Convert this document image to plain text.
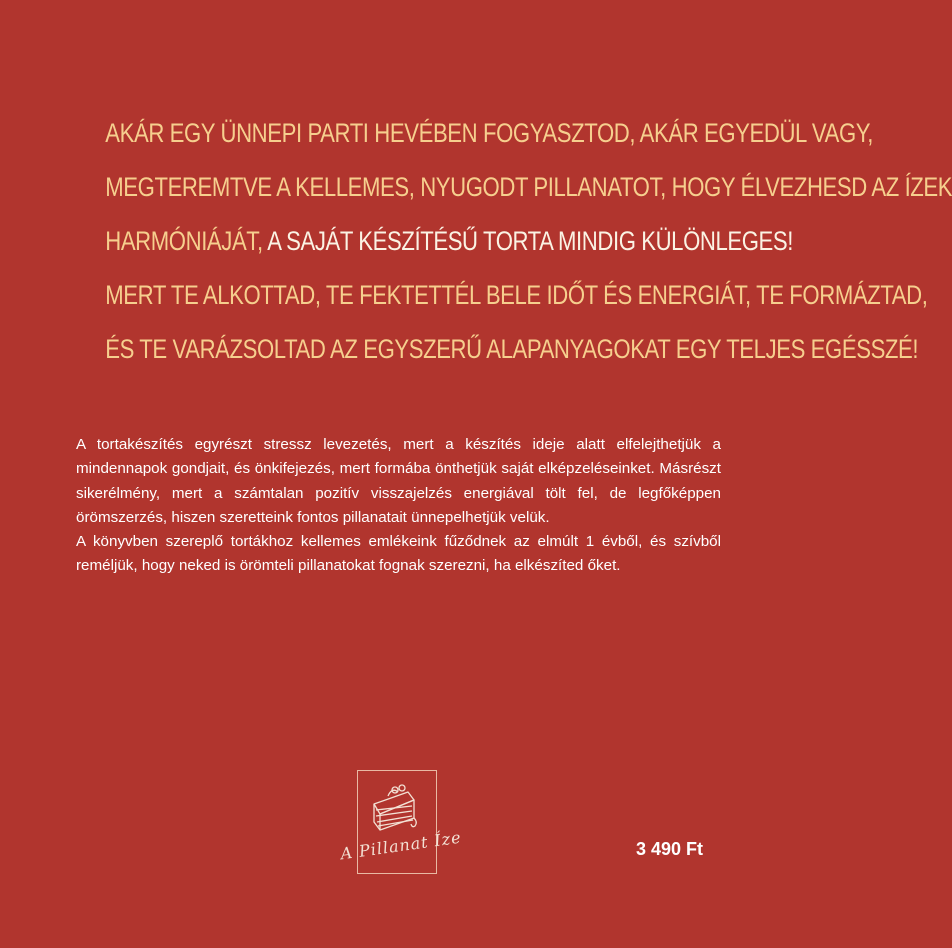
AKÁR EGY ÜNNEPI PARTI HEVÉBEN FOGYASZTOD, AKÁR EGYEDÜL VAGY,
MEGTEREMTVE A KELLEMES, NYUGODT PILLANATOT, HOGY ÉLVEZHESD AZ ÍZEK
HARMÓNIÁJÁT, A SAJÁT KÉSZÍTÉSŰ TORTA MINDIG KÜLÖNLEGES!
MERT TE ALKOTTAD, TE FEKTETTÉL BELE IDŐT ÉS ENERGIÁT, TE FORMÁZTAD,
ÉS TE VARÁZSOLTAD AZ EGYSZERŰ ALAPANYAGOKAT EGY TELJES EGÉSSZÉ!

A tortakészítés egyrészt stressz levezetés, mert a készítés ideje alatt elfelejthetjük a mindennapok gondjait, és önkifejezés, mert formába önthetjük saját elképzeléseinket. Másrészt sikerélmény, mert a számtalan pozitív visszajelzés energiával tölt fel, de legfőképpen örömszerzés, hiszen szeretteink fontos pillanatait ünnepelhetjük velük.

A könyvben szereplő tortákhoz kellemes emlékeink fűződnek az elmúlt 1 évből, és szívből reméljük, hogy neked is örömteli pillanatokat fognak szerezni, ha elkészíted őket.

A Pillanat Íze	3 490 Ft
